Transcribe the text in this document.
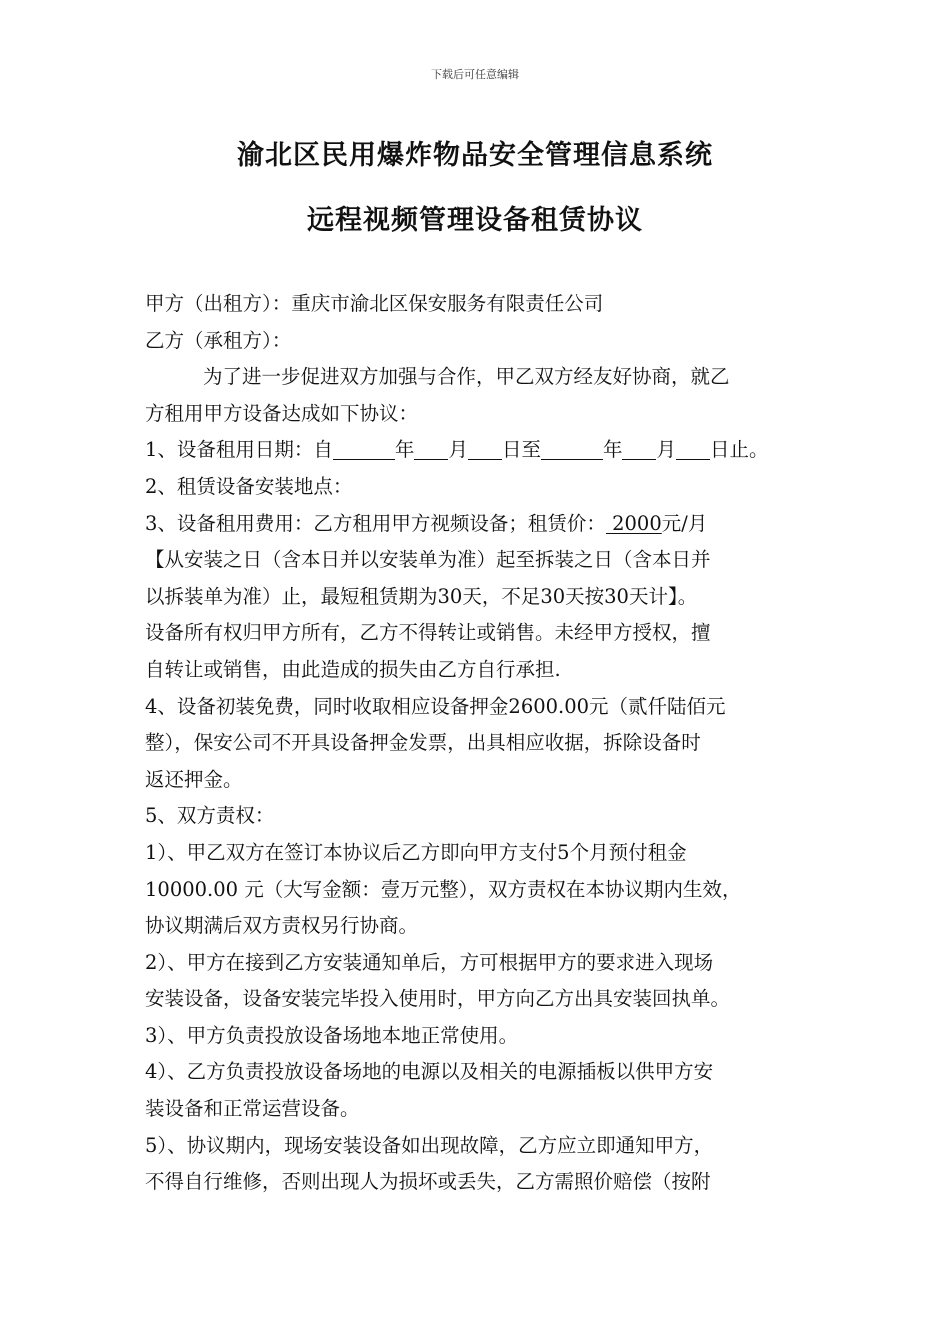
下载后可任意编辑
渝北区民用爆炸物品安全管理信息系统
远程视频管理设备租赁协议
甲方（出租方）：重庆市渝北区保安服务有限责任公司
乙方（承租方）：
为了进一步促进双方加强与合作，甲乙双方经友好协商，就乙
方租用甲方设备达成如下协议：
1、设备租用日期：自	年 月 日至	年 月 日止。
2、租赁设备安装地点：
3、设备租用费用：乙方租用甲方视频设备；租赁价： 2000元/月
【从安装之日（含本日并以安装单为准）起至拆装之日（含本日并
以拆装单为准）止，最短租赁期为30天，不足30天按30天计】。
设备所有权归甲方所有，乙方不得转让或销售。未经甲方授权，擅
自转让或销售，由此造成的损失由乙方自行承担.
4、设备初装免费，同时收取相应设备押金2600.00元（贰仟陆佰元
整），保安公司不开具设备押金发票，出具相应收据，拆除设备时
返还押金。
5、双方责权：
1）、甲乙双方在签订本协议后乙方即向甲方支付5个月预付租金
10000.00 元（大写金额：壹万元整），双方责权在本协议期内生效，
协议期满后双方责权另行协商。
2）、甲方在接到乙方安装通知单后，方可根据甲方的要求进入现场
安装设备，设备安装完毕投入使用时，甲方向乙方出具安装回执单。
3）、甲方负责投放设备场地本地正常使用。
4）、乙方负责投放设备场地的电源以及相关的电源插板以供甲方安
装设备和正常运营设备。
5）、协议期内，现场安装设备如出现故障，乙方应立即通知甲方，
不得自行维修，否则出现人为损坏或丢失，乙方需照价赔偿（按附
